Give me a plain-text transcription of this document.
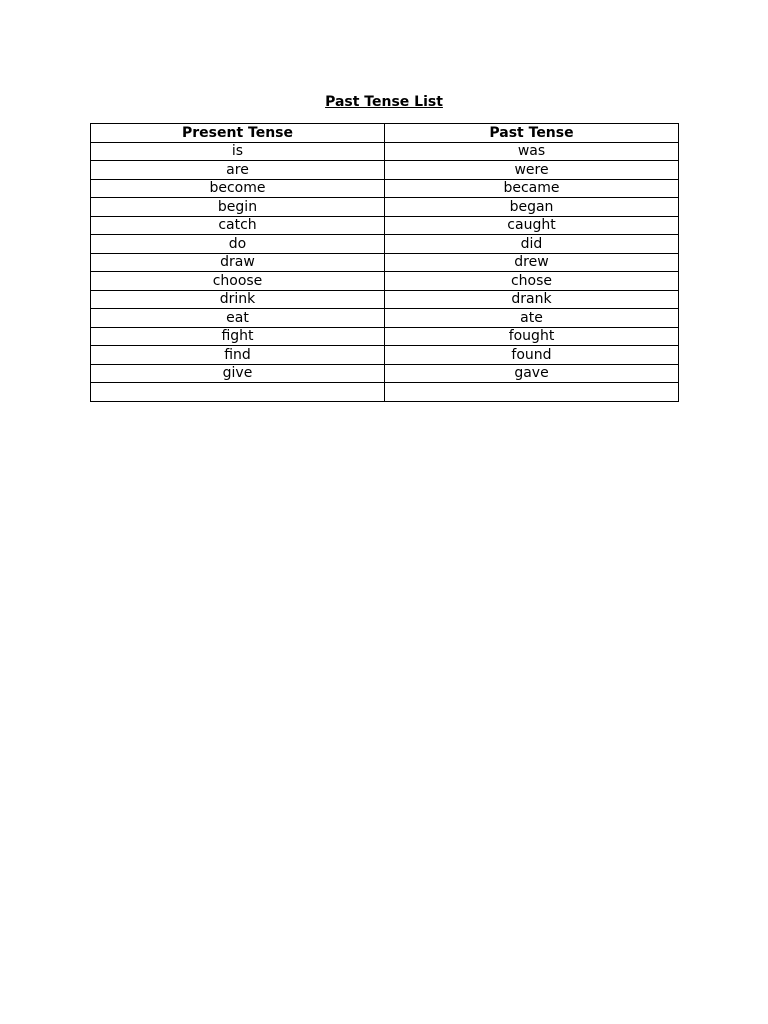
Past Tense List
Present Tense	Past Tense
is	was
are	were
become	became
begin	began
catch	caught
do	did
draw	drew
choose	chose
drink	drank
eat	ate
fight	fought
find	found
give	gave
